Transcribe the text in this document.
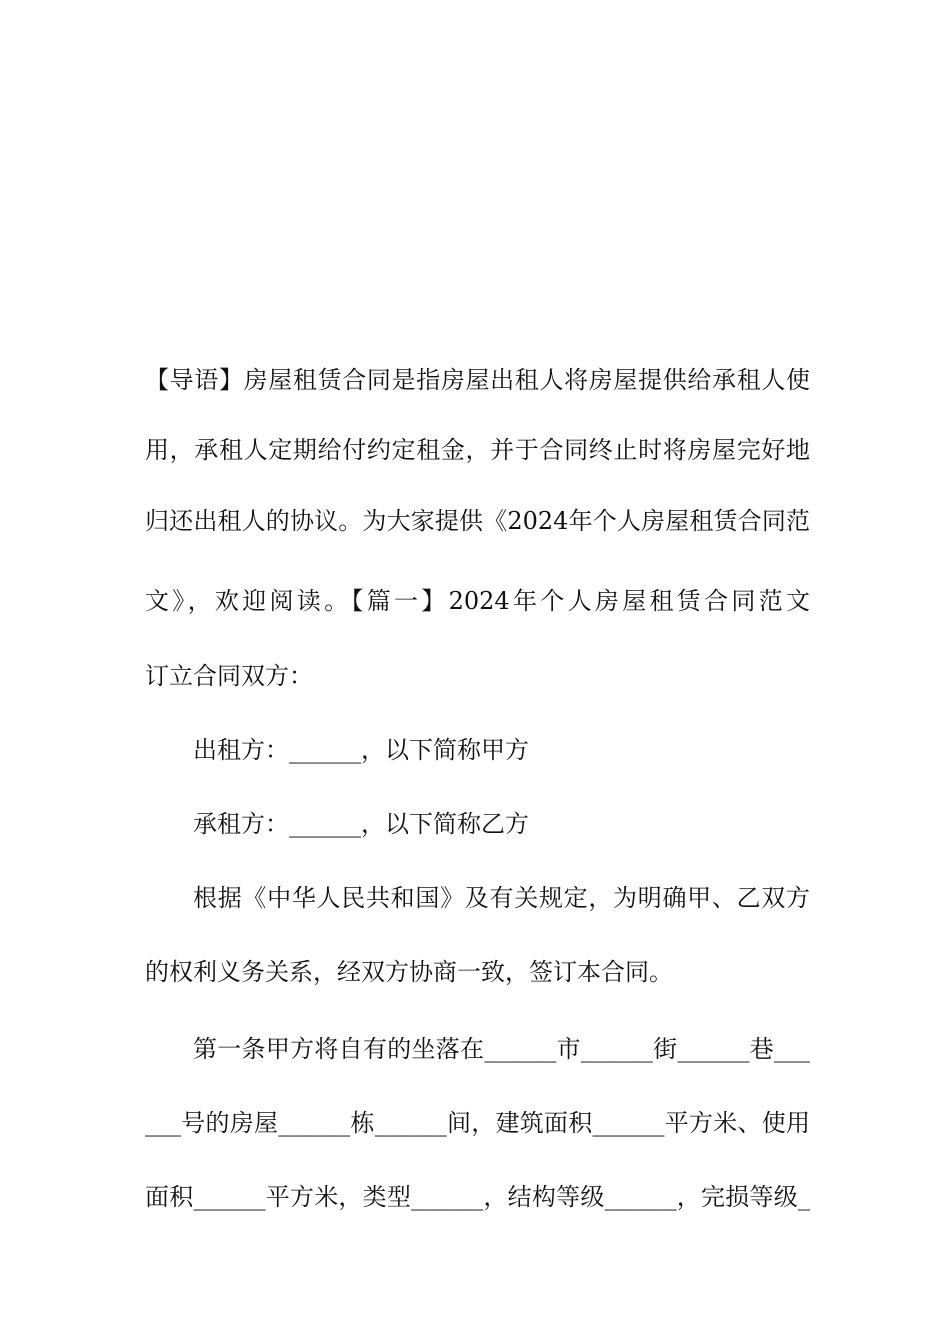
【导语】房屋租赁合同是指房屋出租人将房屋提供给承租人使
用，承租人定期给付约定租金，并于合同终止时将房屋完好地
归还出租人的协议。为大家提供《2024年个人房屋租赁合同范
文》，欢迎阅读。【篇一】2024年个人房屋租赁合同范文
订立合同双方：
出租方：______，以下简称甲方
承租方：______，以下简称乙方
根据《中华人民共和国》及有关规定，为明确甲、乙双方
的权利义务关系，经双方协商一致，签订本合同。
第一条甲方将自有的坐落在______市______街______巷___
___号的房屋______栋______间，建筑面积______平方米、使用
面积______平方米，类型______，结构等级______，完损等级_
